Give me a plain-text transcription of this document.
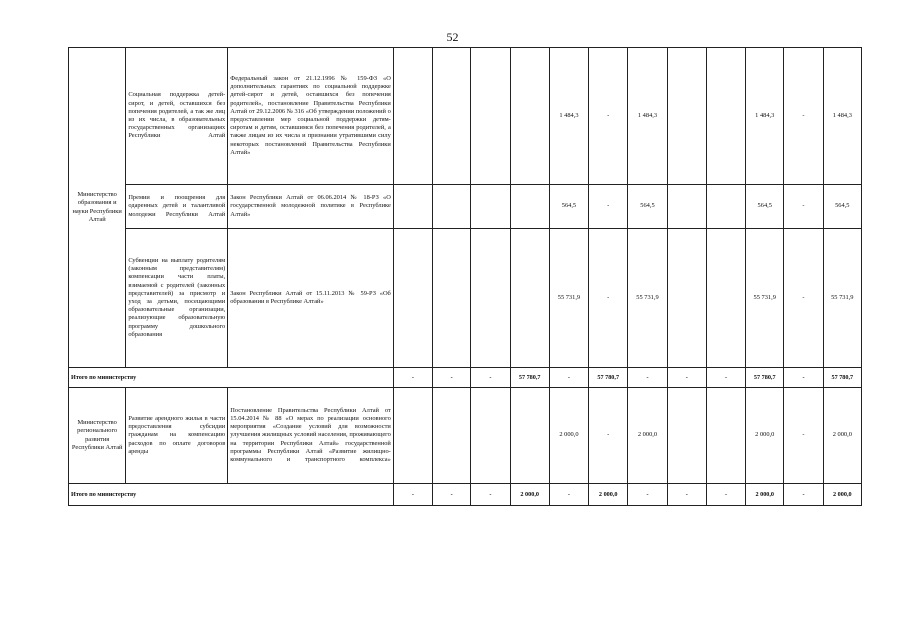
52
Министерство образования и науки Республики Алтай	Социальная поддержка детей-сирот, и детей, оставшихся без попечения родителей, а так же лиц из их числа, в образовательных государственных организациях Республики Алтай	Федеральный закон от 21.12.1996 № 159-ФЗ «О дополнительных гарантиях по социальной поддержке детей-сирот и детей, оставшихся без попечения родителей», постановление Правительства Республики Алтай от 29.12.2006 № 316 «Об утверждении положений о предоставлении мер социальной поддержки детям-сиротам и детям, оставшимся без попечения родителей, а также лицам из их числа и признании утратившими силу некоторых постановлений Правительства Республики Алтай»					1 484,3	-	1 484,3			1 484,3	-	1 484,3
	Премии и поощрения для одаренных детей и талантливой молодежи Республики Алтай	Закон Республики Алтай от 06.06.2014 № 18-РЗ «О государственной молодежной политике в Республике Алтай»					564,5	-	564,5			564,5	-	564,5
	Субвенции на выплату родителям (законным представителям) компенсации части платы, взимаемой с родителей (законных представителей) за присмотр и уход за детьми, посещающими образовательные организации, реализующие образовательную программу дошкольного образования	Закон Республики Алтай от 15.11.2013 № 59-РЗ «Об образовании в Республике Алтай»					55 731,9	-	55 731,9			55 731,9	-	55 731,9
Итого по министерству			-	-	-	57 780,7	-	57 780,7	-	-	-	57 780,7	-	57 780,7
Министерство регионального развития Республики Алтай	Развитие арендного жилья в части предоставления субсидии гражданам на компенсацию расходов по оплате договоров аренды	Постановление Правительства Республики Алтай от 15.04.2014 № 88 «О мерах по реализации основного мероприятия «Создание условий для возможности улучшения жилищных условий населения, проживающего на территории Республики Алтай» государственной программы Республики Алтай «Развитие жилищно-коммунального и транспортного комплекса»					2 000,0	-	2 000,0			2 000,0	-	2 000,0
Итого по министерству			-	-	-	2 000,0	-	2 000,0	-	-	-	2 000,0	-	2 000,0
